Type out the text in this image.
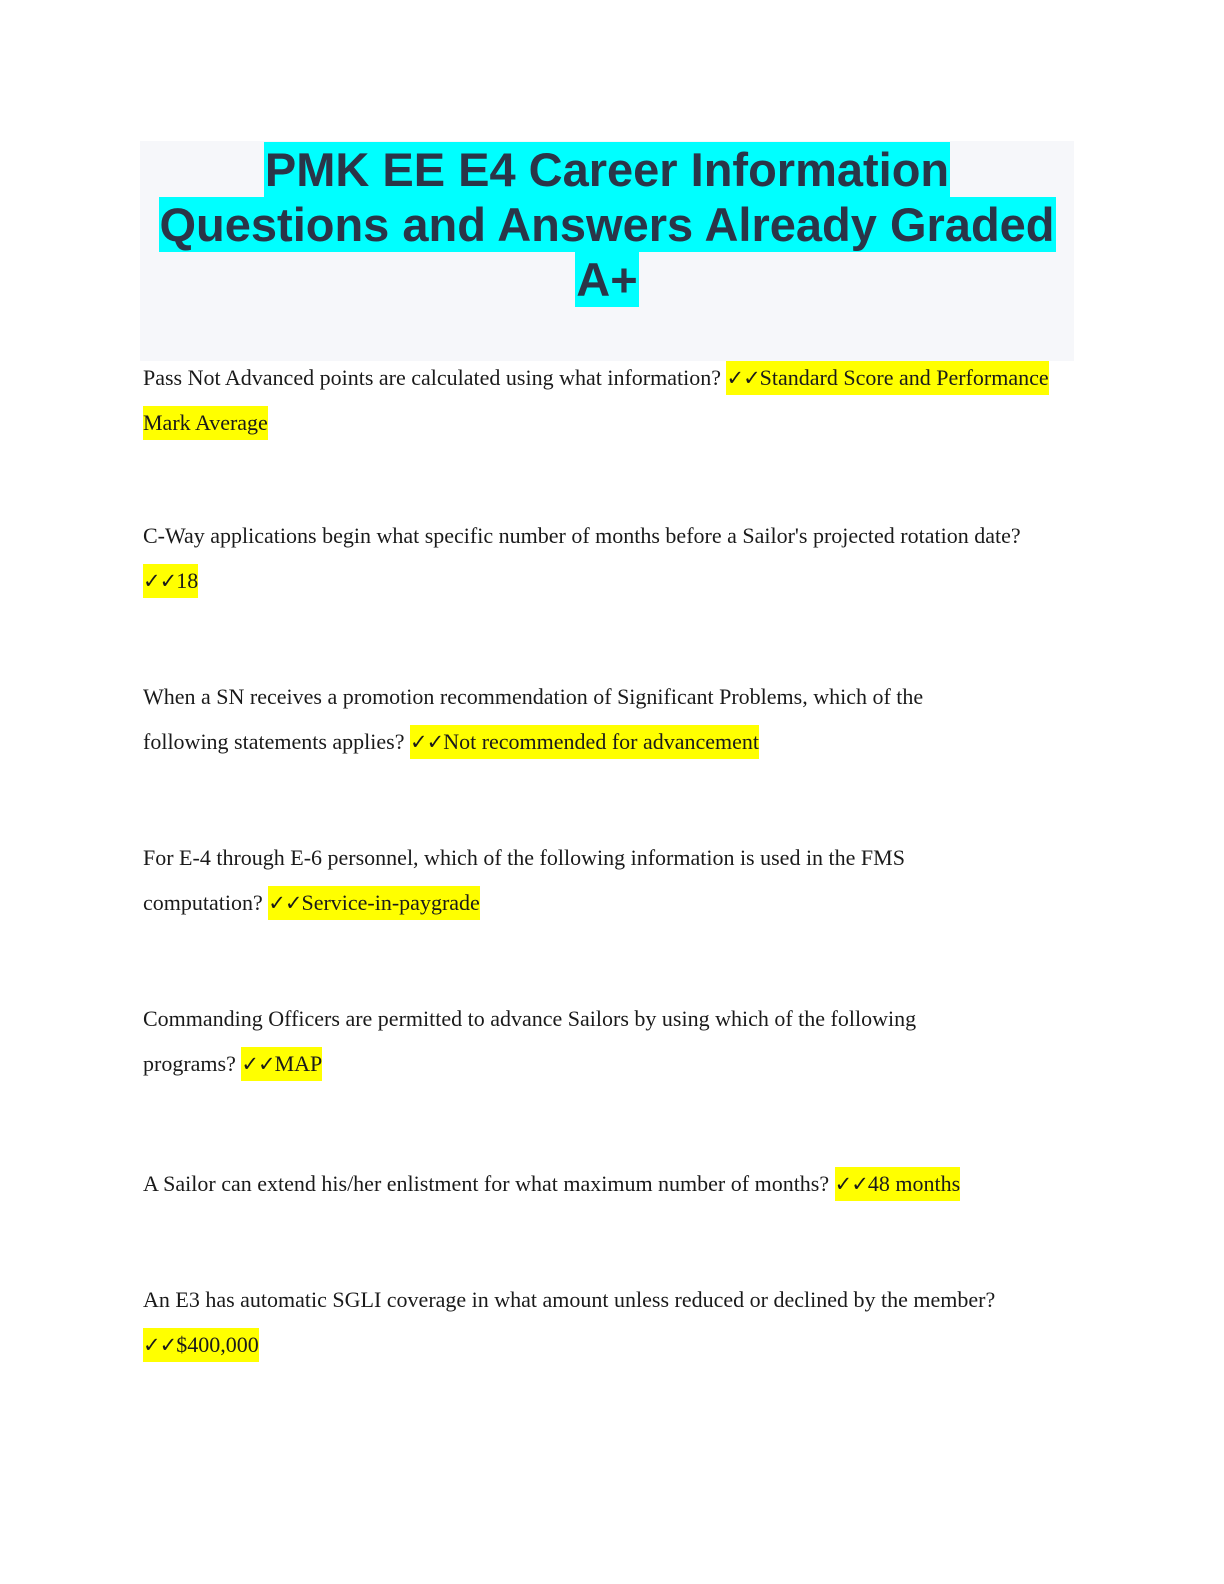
PMK EE E4 Career Information
Questions and Answers Already Graded
A+

Pass Not Advanced points are calculated using what information? ✓✓Standard Score and Performance Mark Average

C-Way applications begin what specific number of months before a Sailor's projected rotation date? ✓✓18

When a SN receives a promotion recommendation of Significant Problems, which of the following statements applies? ✓✓Not recommended for advancement

For E-4 through E-6 personnel, which of the following information is used in the FMS computation? ✓✓Service-in-paygrade

Commanding Officers are permitted to advance Sailors by using which of the following programs? ✓✓MAP

A Sailor can extend his/her enlistment for what maximum number of months? ✓✓48 months

An E3 has automatic SGLI coverage in what amount unless reduced or declined by the member? ✓✓$400,000
